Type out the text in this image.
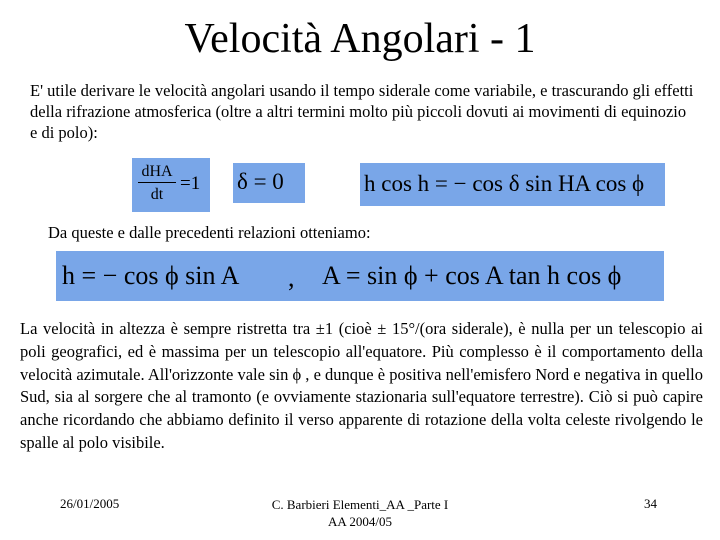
Velocità Angolari - 1
E' utile derivare le velocità angolari usando il tempo siderale come variabile, e trascurando gli effetti della rifrazione atmosferica (oltre a altri termini molto più piccoli dovuti ai movimenti di equinozio e di polo):
dHA
dt
=1 δ = 0	h cos h = − cos δ sin HA cos ϕ
Da queste e dalle precedenti relazioni otteniamo:
h = − cos ϕ sin A , A = sin ϕ + cos A tan h cos ϕ
La velocità in altezza è sempre ristretta tra ±1 (cioè ± 15°/(ora siderale), è nulla per un telescopio ai poli geografici, ed è massima per un telescopio all'equatore. Più complesso è il comportamento della velocità azimutale. All'orizzonte vale sin ϕ , e dunque è positiva nell'emisfero Nord e negativa in quello Sud, sia al sorgere che al tramonto (e ovviamente stazionaria sull'equatore terrestre). Ciò si può capire anche ricordando che abbiamo definito il verso apparente di rotazione della volta celeste rivolgendo le spalle al polo visibile.
26/01/2005	C. Barbieri Elementi_AA _Parte I
AA 2004/05
34
